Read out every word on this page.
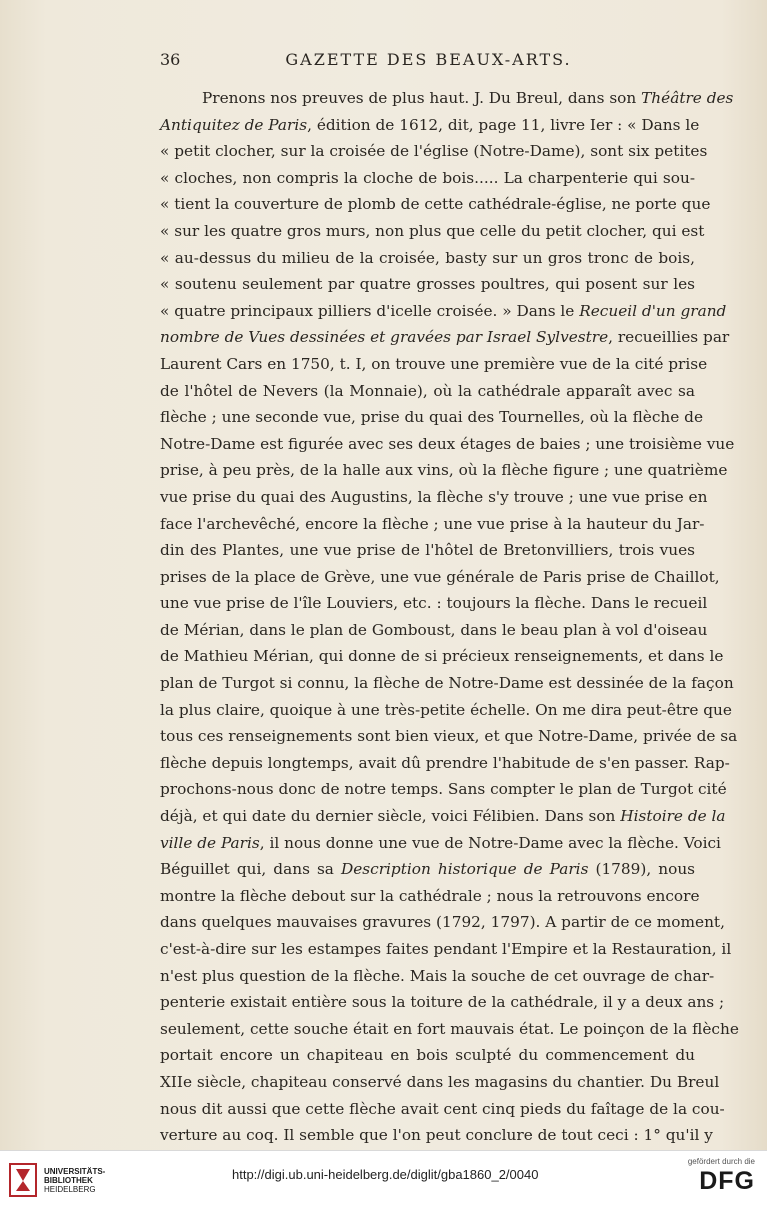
36	GAZETTE DES BEAUX-ARTS.
Prenons nos preuves de plus haut. J. Du Breul, dans son Théâtre des
Antiquitez de Paris, édition de 1612, dit, page 11, livre Ier : « Dans le
« petit clocher, sur la croisée de l'église (Notre-Dame), sont six petites
« cloches, non compris la cloche de bois..... La charpenterie qui sou-
« tient la couverture de plomb de cette cathédrale-église, ne porte que
« sur les quatre gros murs, non plus que celle du petit clocher, qui est
« au-dessus du milieu de la croisée, basty sur un gros tronc de bois,
« soutenu seulement par quatre grosses poultres, qui posent sur les
« quatre principaux pilliers d'icelle croisée. » Dans le Recueil d'un grand
nombre de Vues dessinées et gravées par Israel Sylvestre, recueillies par
Laurent Cars en 1750, t. I, on trouve une première vue de la cité prise
de l'hôtel de Nevers (la Monnaie), où la cathédrale apparaît avec sa
flèche ; une seconde vue, prise du quai des Tournelles, où la flèche de
Notre-Dame est figurée avec ses deux étages de baies ; une troisième vue
prise, à peu près, de la halle aux vins, où la flèche figure ; une quatrième
vue prise du quai des Augustins, la flèche s'y trouve ; une vue prise en
face l'archevêché, encore la flèche ; une vue prise à la hauteur du Jar-
din des Plantes, une vue prise de l'hôtel de Bretonvilliers, trois vues
prises de la place de Grève, une vue générale de Paris prise de Chaillot,
une vue prise de l'île Louviers, etc. : toujours la flèche. Dans le recueil
de Mérian, dans le plan de Gomboust, dans le beau plan à vol d'oiseau
de Mathieu Mérian, qui donne de si précieux renseignements, et dans le
plan de Turgot si connu, la flèche de Notre-Dame est dessinée de la façon
la plus claire, quoique à une très-petite échelle. On me dira peut-être que
tous ces renseignements sont bien vieux, et que Notre-Dame, privée de sa
flèche depuis longtemps, avait dû prendre l'habitude de s'en passer. Rap-
prochons-nous donc de notre temps. Sans compter le plan de Turgot cité
déjà, et qui date du dernier siècle, voici Félibien. Dans son Histoire de la
ville de Paris, il nous donne une vue de Notre-Dame avec la flèche. Voici
Béguillet qui, dans sa Description historique de Paris (1789), nous
montre la flèche debout sur la cathédrale ; nous la retrouvons encore
dans quelques mauvaises gravures (1792, 1797). A partir de ce moment,
c'est-à-dire sur les estampes faites pendant l'Empire et la Restauration, il
n'est plus question de la flèche. Mais la souche de cet ouvrage de char-
penterie existait entière sous la toiture de la cathédrale, il y a deux ans ;
seulement, cette souche était en fort mauvais état. Le poinçon de la flèche
portait encore un chapiteau en bois sculpté du commencement du
XIIe siècle, chapiteau conservé dans les magasins du chantier. Du Breul
nous dit aussi que cette flèche avait cent cinq pieds du faîtage de la cou-
verture au coq. Il semble que l'on peut conclure de tout ceci : 1° qu'il y
UNIVERSITÄTS-
BIBLIOTHEK
HEIDELBERG
http://digi.ub.uni-heidelberg.de/diglit/gba1860_2/0040
gefördert durch die
DFG
